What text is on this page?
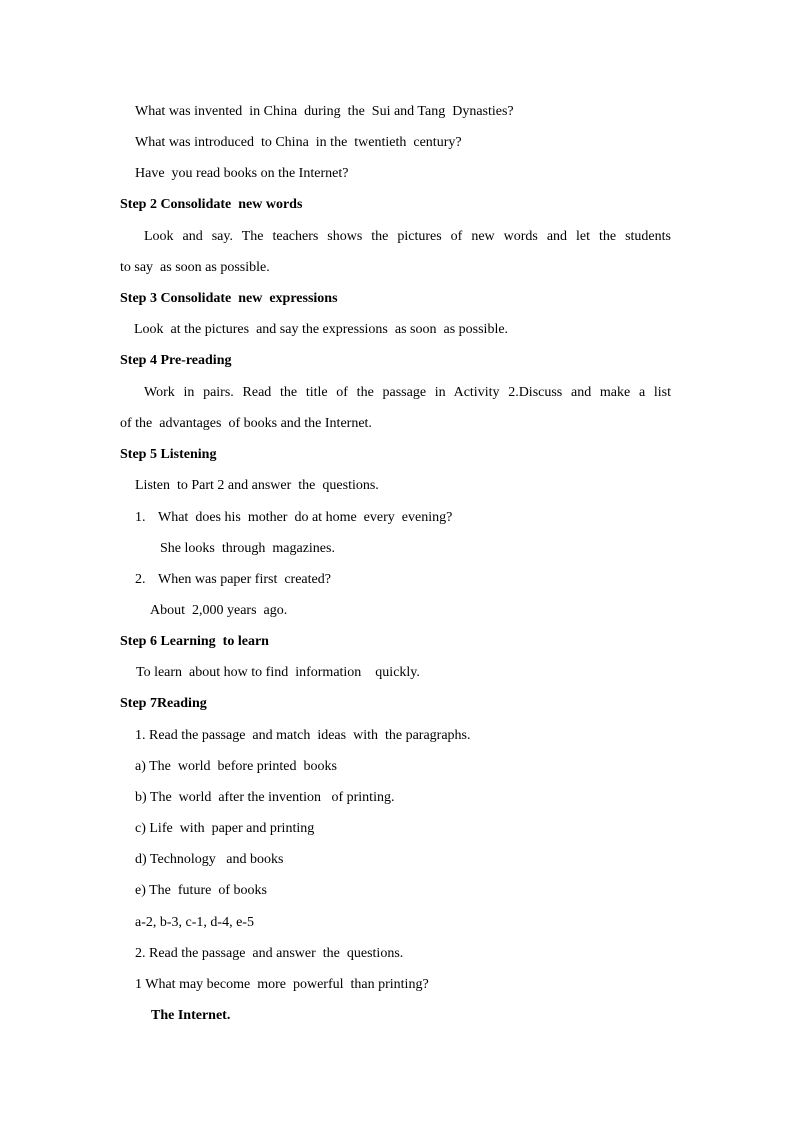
What was invented  in China  during  the  Sui and Tang  Dynasties?
What was introduced  to China  in the  twentieth  century?
Have  you read books on the Internet?
Step 2 Consolidate  new words
Look and say. The teachers shows the pictures of new words and let the students
to say  as soon as possible.
Step 3 Consolidate  new  expressions
Look  at the pictures  and say the expressions  as soon  as possible.
Step 4 Pre-reading
Work in pairs. Read the title of the passage in Activity 2.Discuss and make a list
of the  advantages  of books and the Internet.
Step 5 Listening
Listen  to Part 2 and answer  the  questions.
1. What  does his  mother  do at home  every  evening?
She looks  through  magazines.
2. When was paper first  created?
About  2,000 years  ago.
Step 6 Learning  to learn
To learn  about how to find  information    quickly.
Step 7Reading
1. Read the passage  and match  ideas  with  the paragraphs.
a) The  world  before printed  books
b) The  world  after the invention   of printing.
c) Life  with  paper and printing
d) Technology   and books
e) The  future  of books
a-2, b-3, c-1, d-4, e-5
2. Read the passage  and answer  the  questions.
1 What may become  more  powerful  than printing?
The Internet.
